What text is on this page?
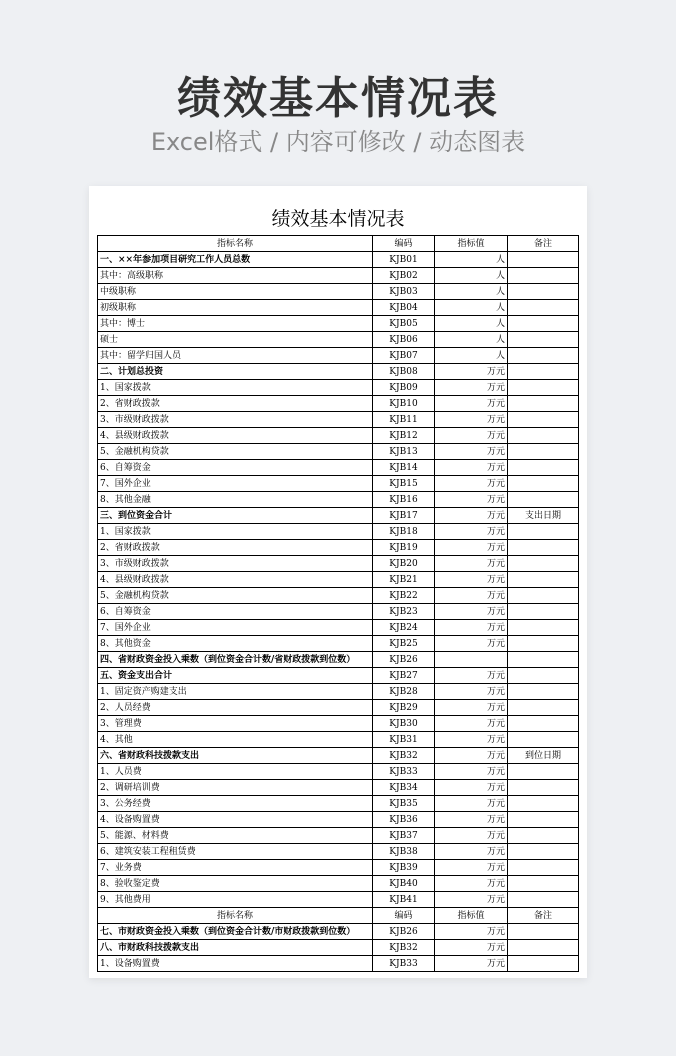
绩效基本情况表
Excel格式 / 内容可修改 / 动态图表
绩效基本情况表
指标名称	编码	指标值	备注
一、××年参加项目研究工作人员总数	KJB01	人	
其中：高级职称	KJB02	人	
中级职称	KJB03	人	
初级职称	KJB04	人	
其中：博士	KJB05	人	
硕士	KJB06	人	
其中：留学归国人员	KJB07	人	
二、计划总投资	KJB08	万元	
1、国家拨款	KJB09	万元	
2、省财政拨款	KJB10	万元	
3、市级财政拨款	KJB11	万元	
4、县级财政拨款	KJB12	万元	
5、金融机构贷款	KJB13	万元	
6、自筹资金	KJB14	万元	
7、国外企业	KJB15	万元	
8、其他金融	KJB16	万元	
三、到位资金合计	KJB17	万元	支出日期
1、国家拨款	KJB18	万元	
2、省财政拨款	KJB19	万元	
3、市级财政拨款	KJB20	万元	
4、县级财政拨款	KJB21	万元	
5、金融机构贷款	KJB22	万元	
6、自筹资金	KJB23	万元	
7、国外企业	KJB24	万元	
8、其他资金	KJB25	万元	
四、省财政资金投入乘数（到位资金合计数/省财政拨款到位数）	KJB26		
五、资金支出合计	KJB27	万元	
1、固定资产购建支出	KJB28	万元	
2、人员经费	KJB29	万元	
3、管理费	KJB30	万元	
4、其他	KJB31	万元	
六、省财政科技拨款支出	KJB32	万元	到位日期
1、人员费	KJB33	万元	
2、调研培训费	KJB34	万元	
3、公务经费	KJB35	万元	
4、设备购置费	KJB36	万元	
5、能源、材料费	KJB37	万元	
6、建筑安装工程租赁费	KJB38	万元	
7、业务费	KJB39	万元	
8、验收鉴定费	KJB40	万元	
9、其他费用	KJB41	万元	
指标名称	编码	指标值	备注
七、市财政资金投入乘数（到位资金合计数/市财政拨款到位数）	KJB26	万元	
八、市财政科技拨款支出	KJB32	万元	
1、设备购置费	KJB33	万元	
